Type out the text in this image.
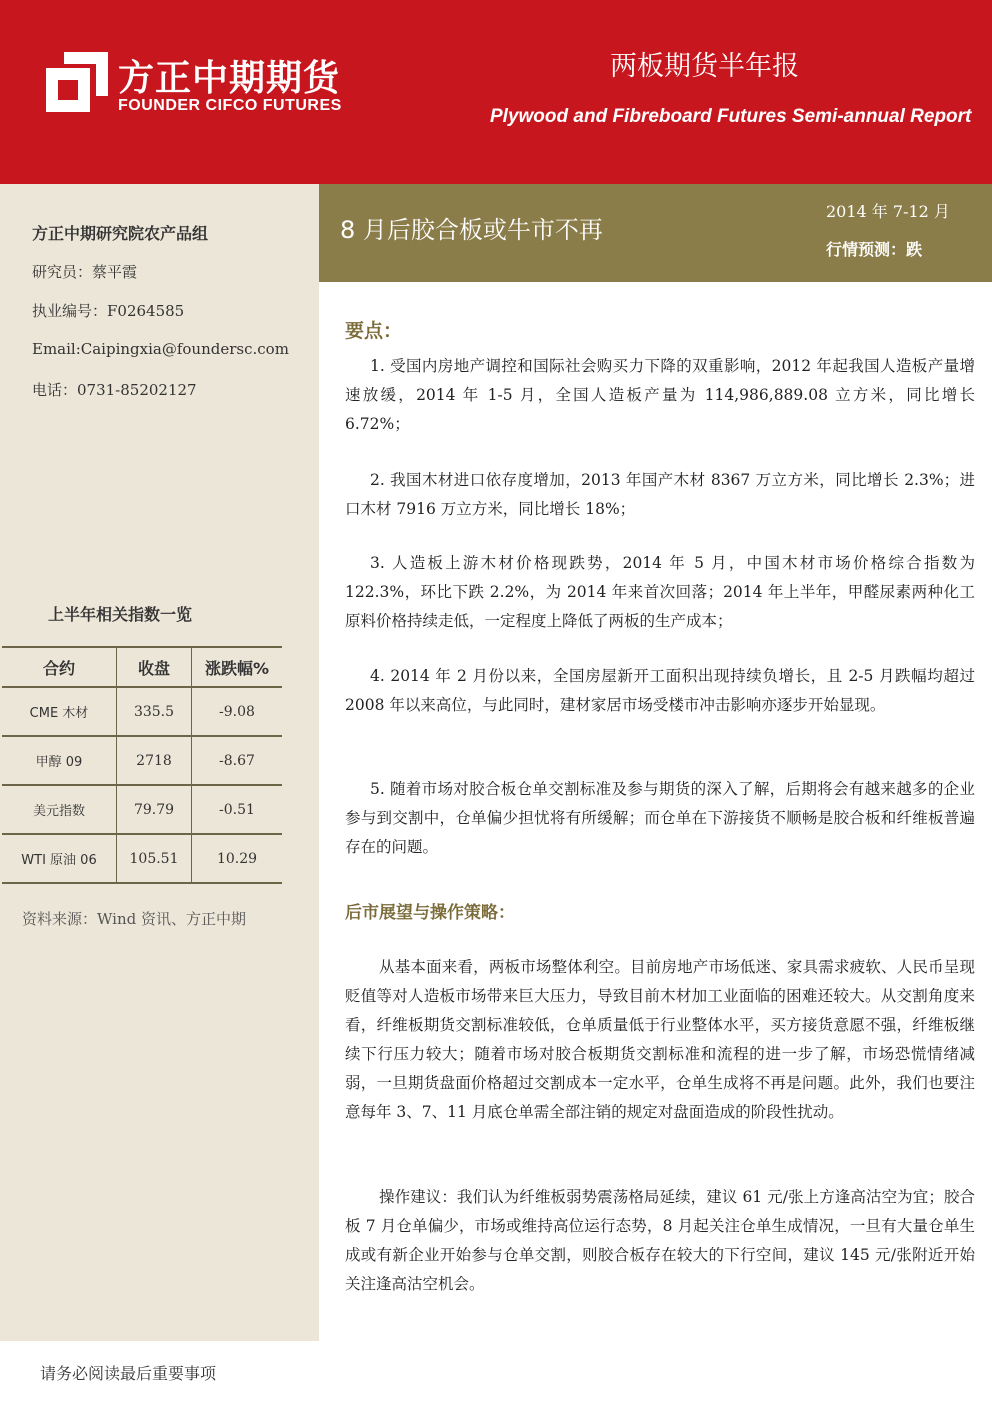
方正中期期货
FOUNDER CIFCO FUTURES
两板期货半年报
Plywood and Fibreboard Futures Semi-annual Report
方正中期研究院农产品组
研究员：蔡平霞
执业编号：F0264585
Email:Caipingxia@foundersc.com
电话：0731-85202127
上半年相关指数一览
合约	收盘	涨跌幅%
CME 木材	335.5	-9.08
甲醇 09	2718	-8.67
美元指数	79.79	-0.51
WTI 原油 06	105.51	10.29
资料来源：Wind 资讯、方正中期
8 月后胶合板或牛市不再
2014 年 7-12 月
行情预测：跌
要点：

1. 受国内房地产调控和国际社会购买力下降的双重影响，2012 年起我国人造板产量增速放缓，2014 年 1-5 月，全国人造板产量为 114,986,889.08 立方米，同比增长 6.72%；

2. 我国木材进口依存度增加，2013 年国产木材 8367 万立方米，同比增长 2.3%；进口木材 7916 万立方米，同比增长 18%；

3. 人造板上游木材价格现跌势，2014 年 5 月，中国木材市场价格综合指数为 122.3%，环比下跌 2.2%，为 2014 年来首次回落；2014 年上半年，甲醛尿素两种化工原料价格持续走低，一定程度上降低了两板的生产成本；

4. 2014 年 2 月份以来，全国房屋新开工面积出现持续负增长，且 2-5 月跌幅均超过 2008 年以来高位，与此同时，建材家居市场受楼市冲击影响亦逐步开始显现。

5. 随着市场对胶合板仓单交割标准及参与期货的深入了解，后期将会有越来越多的企业参与到交割中，仓单偏少担忧将有所缓解；而仓单在下游接货不顺畅是胶合板和纤维板普遍存在的问题。

后市展望与操作策略：

从基本面来看，两板市场整体利空。目前房地产市场低迷、家具需求疲软、人民币呈现贬值等对人造板市场带来巨大压力，导致目前木材加工业面临的困难还较大。从交割角度来看，纤维板期货交割标准较低，仓单质量低于行业整体水平，买方接货意愿不强，纤维板继续下行压力较大；随着市场对胶合板期货交割标准和流程的进一步了解，市场恐慌情绪减弱，一旦期货盘面价格超过交割成本一定水平，仓单生成将不再是问题。此外，我们也要注意每年 3、7、11 月底仓单需全部注销的规定对盘面造成的阶段性扰动。

操作建议：我们认为纤维板弱势震荡格局延续，建议 61 元/张上方逢高沽空为宜；胶合板 7 月仓单偏少，市场或维持高位运行态势，8 月起关注仓单生成情况，一旦有大量仓单生成或有新企业开始参与仓单交割，则胶合板存在较大的下行空间，建议 145 元/张附近开始关注逢高沽空机会。

请务必阅读最后重要事项
